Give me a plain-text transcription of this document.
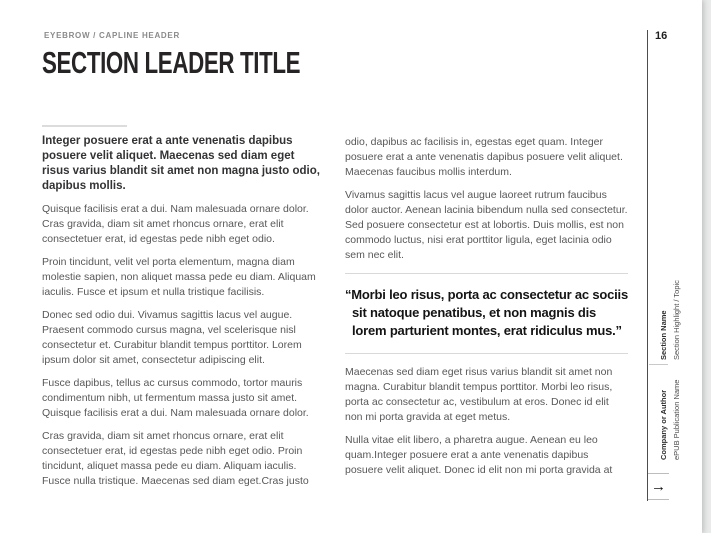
EYEBROW / CAPLINE HEADER
SECTION LEADER TITLE
16

Integer posuere erat a ante venenatis dapibus posuere velit aliquet. Maecenas sed diam eget risus varius blandit sit amet non magna justo odio, dapibus mollis.

Quisque facilisis erat a dui. Nam malesuada ornare dolor. Cras gravida, diam sit amet rhoncus ornare, erat elit consectetuer erat, id egestas pede nibh eget odio.

Proin tincidunt, velit vel porta elementum, magna diam molestie sapien, non aliquet massa pede eu diam. Aliquam iaculis. Fusce et ipsum et nulla tristique facilisis.

Donec sed odio dui. Vivamus sagittis lacus vel augue. Praesent commodo cursus magna, vel scelerisque nisl consectetur et. Curabitur blandit tempus porttitor. Lorem ipsum dolor sit amet, consectetur adipiscing elit.

Fusce dapibus, tellus ac cursus commodo, tortor mauris condimentum nibh, ut fermentum massa justo sit amet. Quisque facilisis erat a dui. Nam malesuada ornare dolor.

Cras gravida, diam sit amet rhoncus ornare, erat elit consectetuer erat, id egestas pede nibh eget odio. Proin tincidunt, aliquet massa pede eu diam. Aliquam iaculis. Fusce nulla tristique. Maecenas sed diam eget.Cras justo

odio, dapibus ac facilisis in, egestas eget quam. Integer posuere erat a ante venenatis dapibus posuere velit aliquet. Maecenas faucibus mollis interdum.

Vivamus sagittis lacus vel augue laoreet rutrum faucibus dolor auctor. Aenean lacinia bibendum nulla sed consectetur. Sed posuere consectetur est at lobortis. Duis mollis, est non commodo luctus, nisi erat porttitor ligula, eget lacinia odio sem nec elit.

“Morbi leo risus, porta ac consectetur ac sociis sit natoque penatibus, et non magnis dis lorem parturient montes, erat ridiculus mus.”

Maecenas sed diam eget risus varius blandit sit amet non magna. Curabitur blandit tempus porttitor. Morbi leo risus, porta ac consectetur ac, vestibulum at eros. Donec id elit non mi porta gravida at eget metus.

Nulla vitae elit libero, a pharetra augue. Aenean eu leo quam.Integer posuere erat a ante venenatis dapibus posuere velit aliquet. Donec id elit non mi porta gravida at

Section Name Section Highlight / Topic
Company or Author ePUB Publication Name
→
